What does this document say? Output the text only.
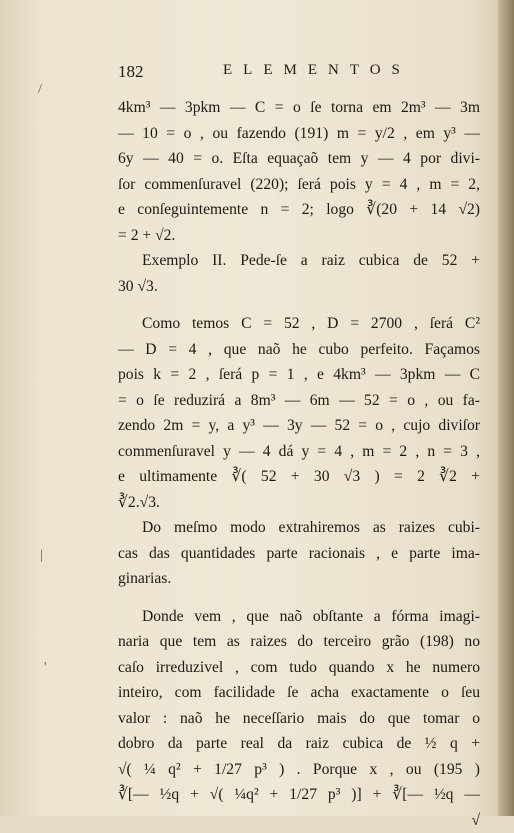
/
|
'
182	ELEMENTOS
4km³ — 3pkm — C = o ſe torna em 2m³ — 3m
— 10 = o , ou fazendo (191) m = y/2 , em y³ —
6y — 40 = o. Eſta equaçaõ tem y — 4 por divi-
ſor commenſuravel (220); ſerá pois y = 4 , m = 2,
e conſeguintemente n = 2; logo ∛(20 + 14 √2)
= 2 + √2.
Exemplo II. Pede-ſe a raiz cubica de 52 +
30 √3.
Como temos C = 52 , D = 2700 , ſerá C²
— D = 4 , que naõ he cubo perfeito. Façamos
pois k = 2 , ſerá p = 1 , e 4km³ — 3pkm — C
= o ſe reduzirá a 8m³ — 6m — 52 = o , ou fa-
zendo 2m = y, a y³ — 3y — 52 = o , cujo diviſor
commenſuravel y — 4 dá y = 4 , m = 2 , n = 3 ,
e ultimamente ∛( 52 + 30 √3 ) = 2 ∛2 +
∛2.√3.
Do meſmo modo extrahiremos as raizes cubi-
cas das quantidades parte racionais , e parte ima-
ginarias.
Donde vem , que naõ obſtante a fórma imagi-
naria que tem as raizes do terceiro grão (198) no
caſo irreduzivel , com tudo quando x he numero
inteiro, com facilidade ſe acha exactamente o ſeu
valor : naõ he neceſſario mais do que tomar o
dobro da parte real da raiz cubica de ½ q +
√( ¼ q² + 1/27 p³ ) . Porque x , ou (195 )
∛[— ½q + √( ¼q² + 1/27 p³ )] + ∛[— ½q —
√
